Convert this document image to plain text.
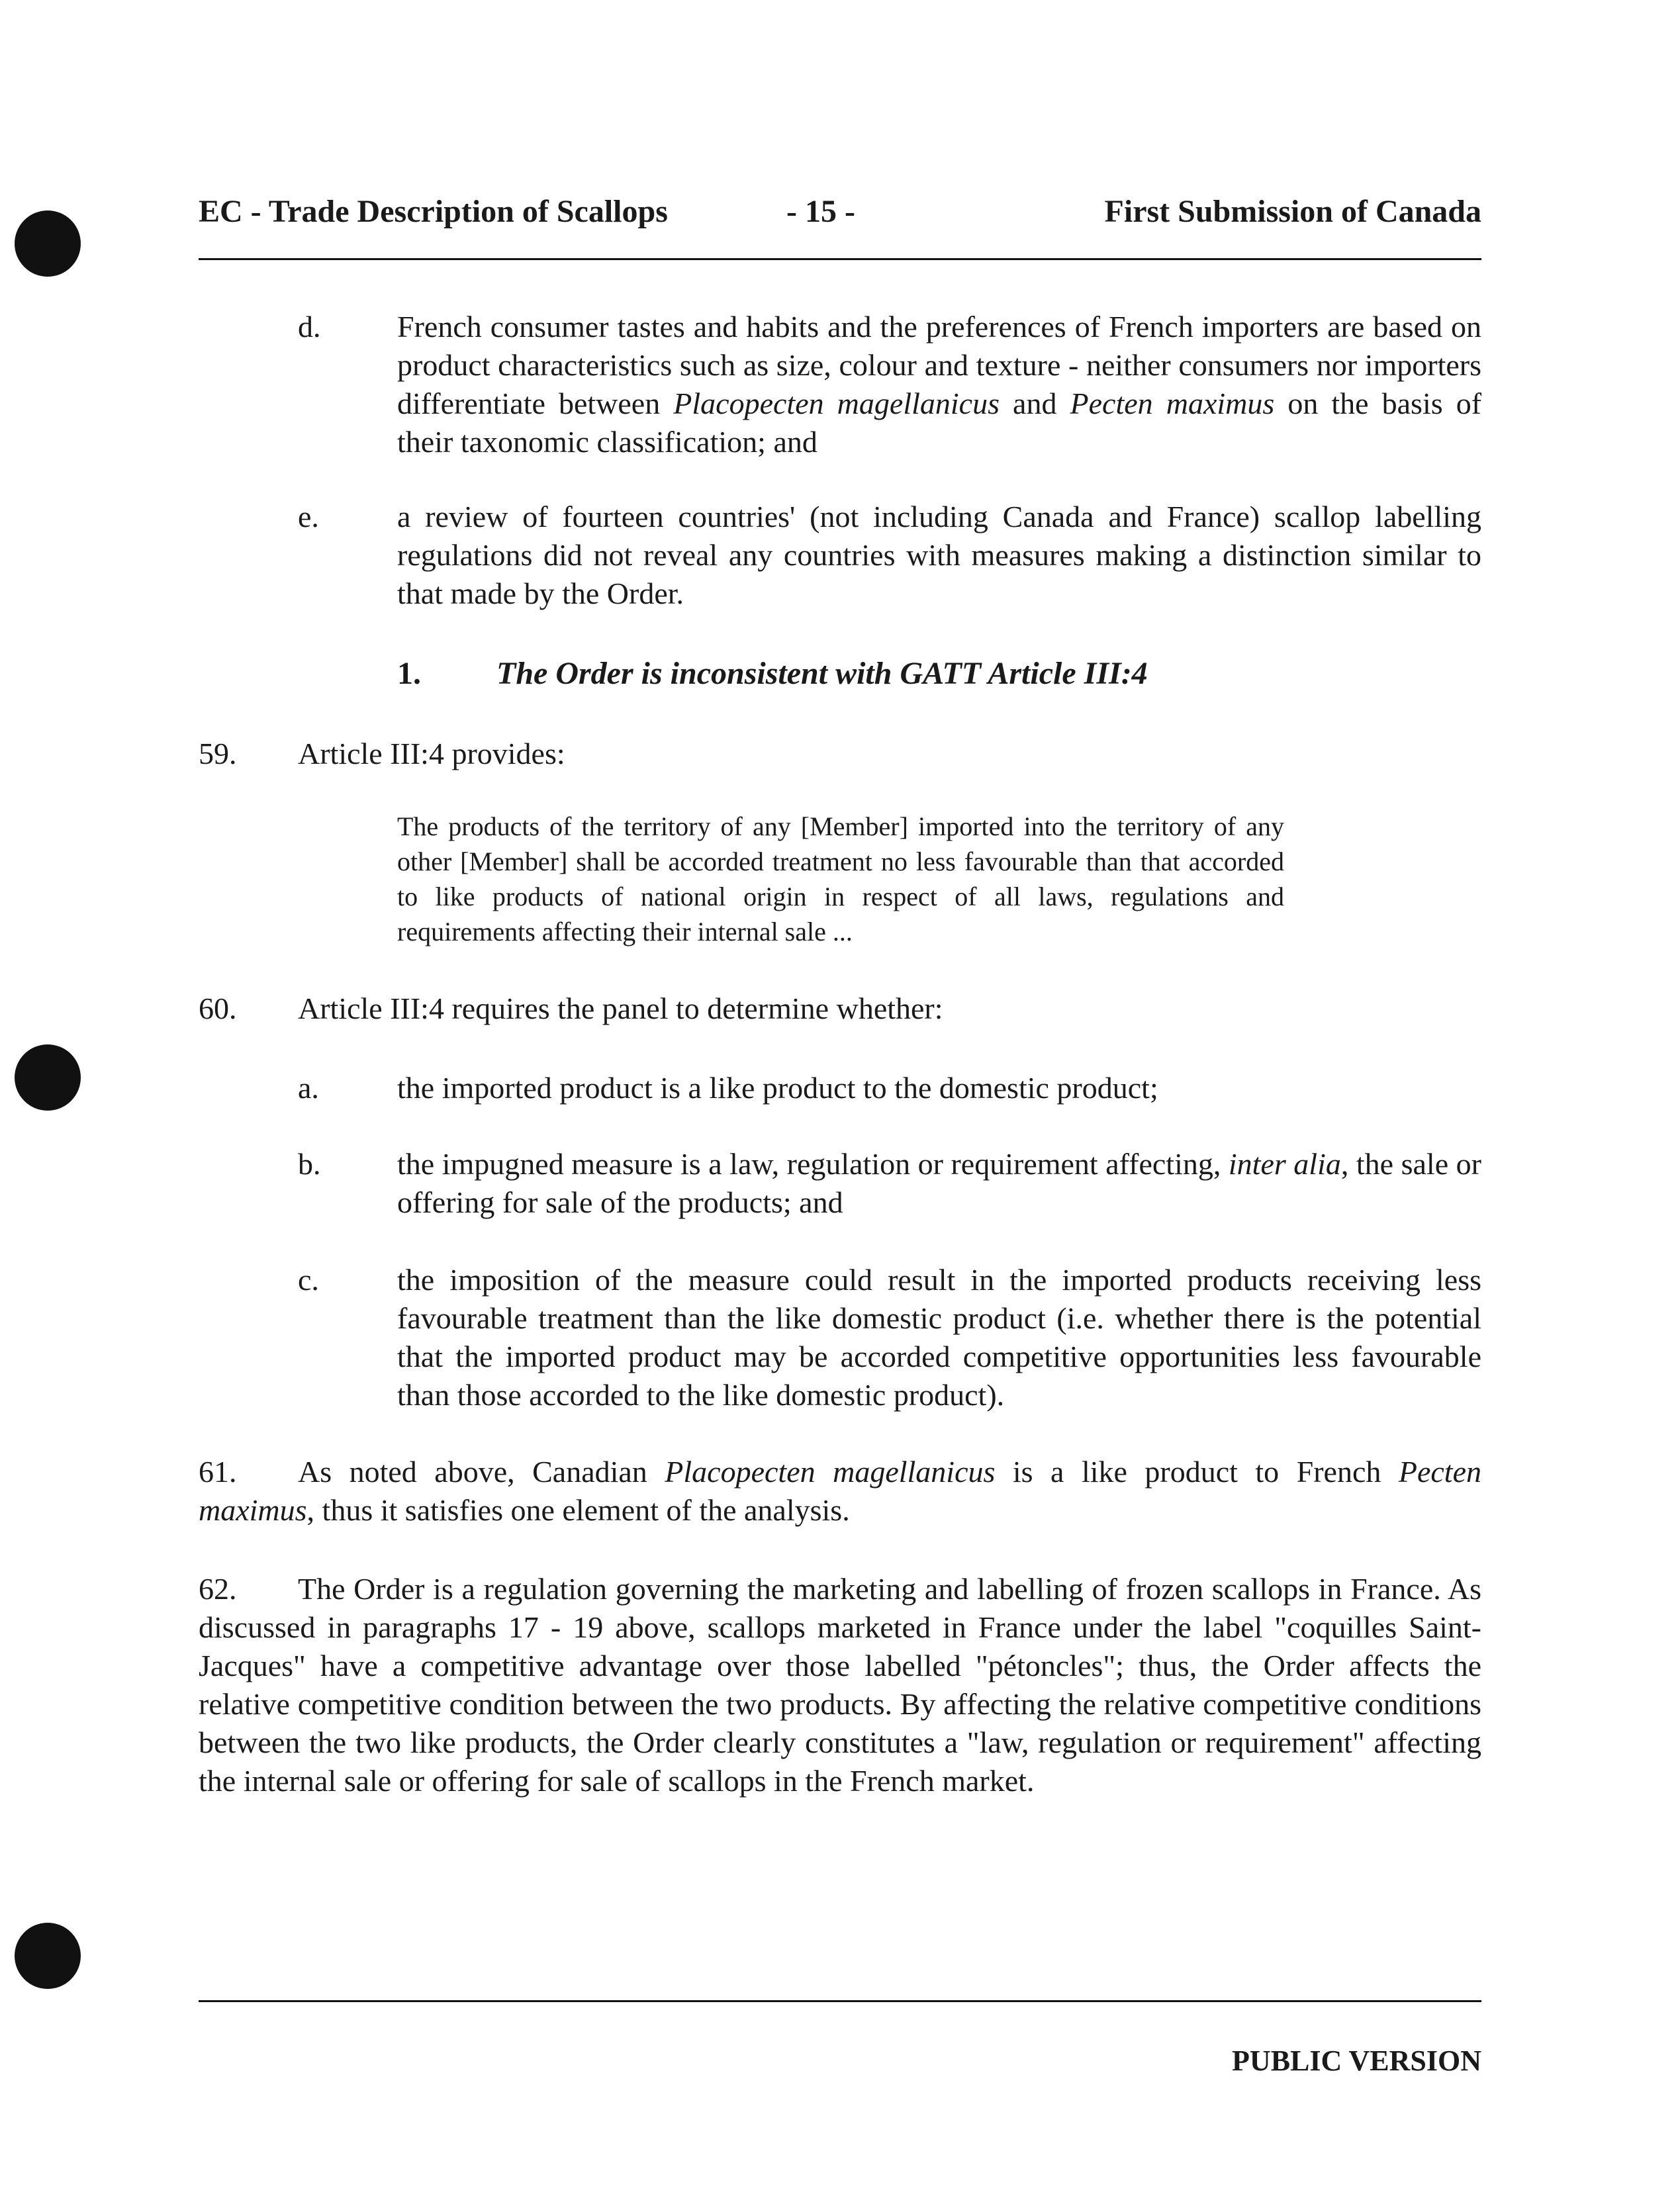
EC - Trade Description of Scallops	- 15 -	First Submission of Canada
d.	French consumer tastes and habits and the preferences of French importers are based on product characteristics such as size, colour and texture - neither consumers nor importers differentiate between Placopecten magellanicus and Pecten maximus on the basis of their taxonomic classification; and
e.	a review of fourteen countries' (not including Canada and France) scallop labelling regulations did not reveal any countries with measures making a distinction similar to that made by the Order.
59. Article III:4 provides:
60. Article III:4 requires the panel to determine whether:
a.	the imported product is a like product to the domestic product;
b.	the impugned measure is a law, regulation or requirement affecting, inter alia, the sale or offering for sale of the products; and
c.	the imposition of the measure could result in the imported products receiving less favourable treatment than the like domestic product (i.e. whether there is the potential that the imported product may be accorded competitive opportunities less favourable than those accorded to the like domestic product).
61. As noted above, Canadian Placopecten magellanicus is a like product to French Pecten maximus, thus it satisfies one element of the analysis.
62. The Order is a regulation governing the marketing and labelling of frozen scallops in France. As discussed in paragraphs 17 - 19 above, scallops marketed in France under the label "coquilles Saint-Jacques" have a competitive advantage over those labelled "pétoncles"; thus, the Order affects the relative competitive condition between the two products. By affecting the relative competitive conditions between the two like products, the Order clearly constitutes a "law, regulation or requirement" affecting the internal sale or offering for sale of scallops in the French market.
1. The Order is inconsistent with GATT Article III:4
The products of the territory of any [Member] imported into the territory of any other [Member] shall be accorded treatment no less favourable than that accorded to like products of national origin in respect of all laws, regulations and requirements affecting their internal sale ...
PUBLIC VERSION
